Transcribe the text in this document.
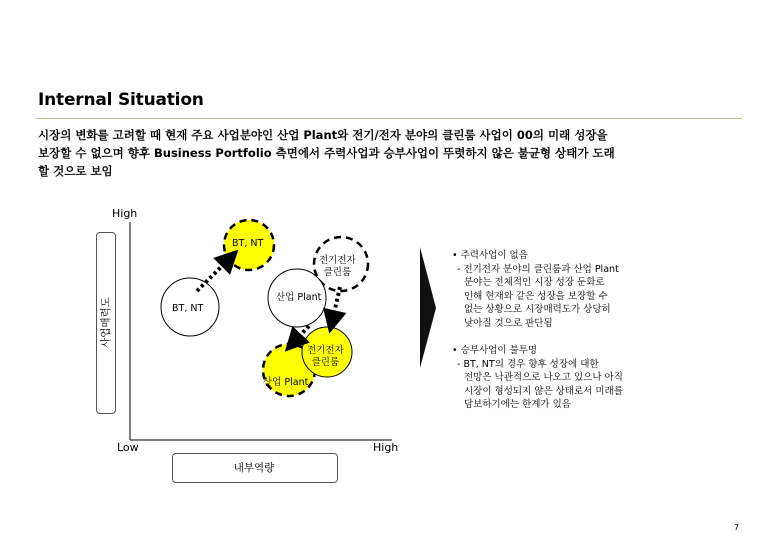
Internal Situation
시장의 변화를 고려할 때 현재 주요 사업분야인 산업 Plant와 전기/전자 분야의 클린룸 사업이 00의 미래 성장을
보장할 수 없으며 향후 Business Portfolio 측면에서 주력사업과 승부사업이 뚜렷하지 않은 불균형 상태가 도래
할 것으로 보임
High
Low	High
사업매력도
내부역량
BT, NT
전기전자
클린룸
산업 Plant
BT, NT
전기전자
클린룸
산업 Plant
• 주력사업이 없음
- 전기전자 분야의 클린룸과 산업 Plant
분야는 전체적인 시장 성장 둔화로
인해 현재와 같은 성장을 보장할 수
없는 상황으로 시장매력도가 상당히
낮아질 것으로 판단됨
• 승부사업이 불투명
- BT, NT의 경우 향후 성장에 대한
전망은 낙관적으로 나오고 있으나 아직
시장이 형성되지 않은 상태로서 미래를
담보하기에는 한계가 있음
7
